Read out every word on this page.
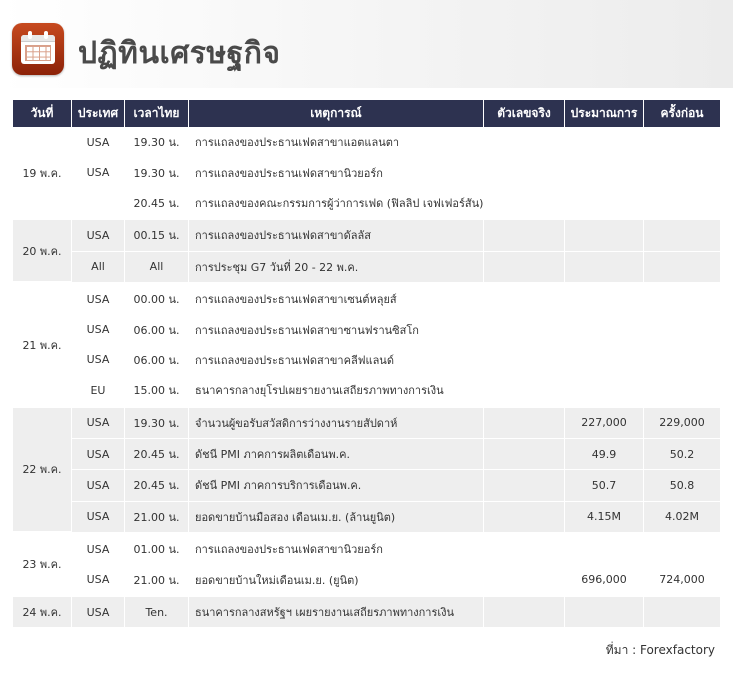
ปฏิทินเศรษฐกิจ
วันที่	ประเทศ	เวลาไทย	เหตุการณ์	ตัวเลขจริง	ประมาณการ	ครั้งก่อน
19 พ.ค.	USA	19.30 น.	การแถลงของประธานเฟดสาขาแอตแลนตา			
	USA	19.30 น.	การแถลงของประธานเฟดสาขานิวยอร์ก			
		20.45 น.	การแถลงของคณะกรรมการผู้ว่าการเฟด (ฟิลลิป เจฟเฟอร์สัน)			
20 พ.ค.	USA	00.15 น.	การแถลงของประธานเฟดสาขาดัลลัส			
	All	All	การประชุม G7 วันที่ 20 - 22 พ.ค.			
21 พ.ค.	USA	00.00 น.	การแถลงของประธานเฟดสาขาเซนต์หลุยส์			
	USA	06.00 น.	การแถลงของประธานเฟดสาขาซานฟรานซิสโก			
	USA	06.00 น.	การแถลงของประธานเฟดสาขาคลีฟแลนด์			
	EU	15.00 น.	ธนาคารกลางยุโรปเผยรายงานเสถียรภาพทางการเงิน			
22 พ.ค.	USA	19.30 น.	จำนวนผู้ขอรับสวัสดิการว่างงานรายสัปดาห์		227,000	229,000
	USA	20.45 น.	ดัชนี PMI ภาคการผลิตเดือนพ.ค.		49.9	50.2
	USA	20.45 น.	ดัชนี PMI ภาคการบริการเดือนพ.ค.		50.7	50.8
	USA	21.00 น.	ยอดขายบ้านมือสอง เดือนเม.ย. (ล้านยูนิต)		4.15M	4.02M
23 พ.ค.	USA	01.00 น.	การแถลงของประธานเฟดสาขานิวยอร์ก			
	USA	21.00 น.	ยอดขายบ้านใหม่เดือนเม.ย. (ยูนิต)		696,000	724,000
24 พ.ค.	USA	Ten.	ธนาคารกลางสหรัฐฯ เผยรายงานเสถียรภาพทางการเงิน			
ที่มา : Forexfactory
